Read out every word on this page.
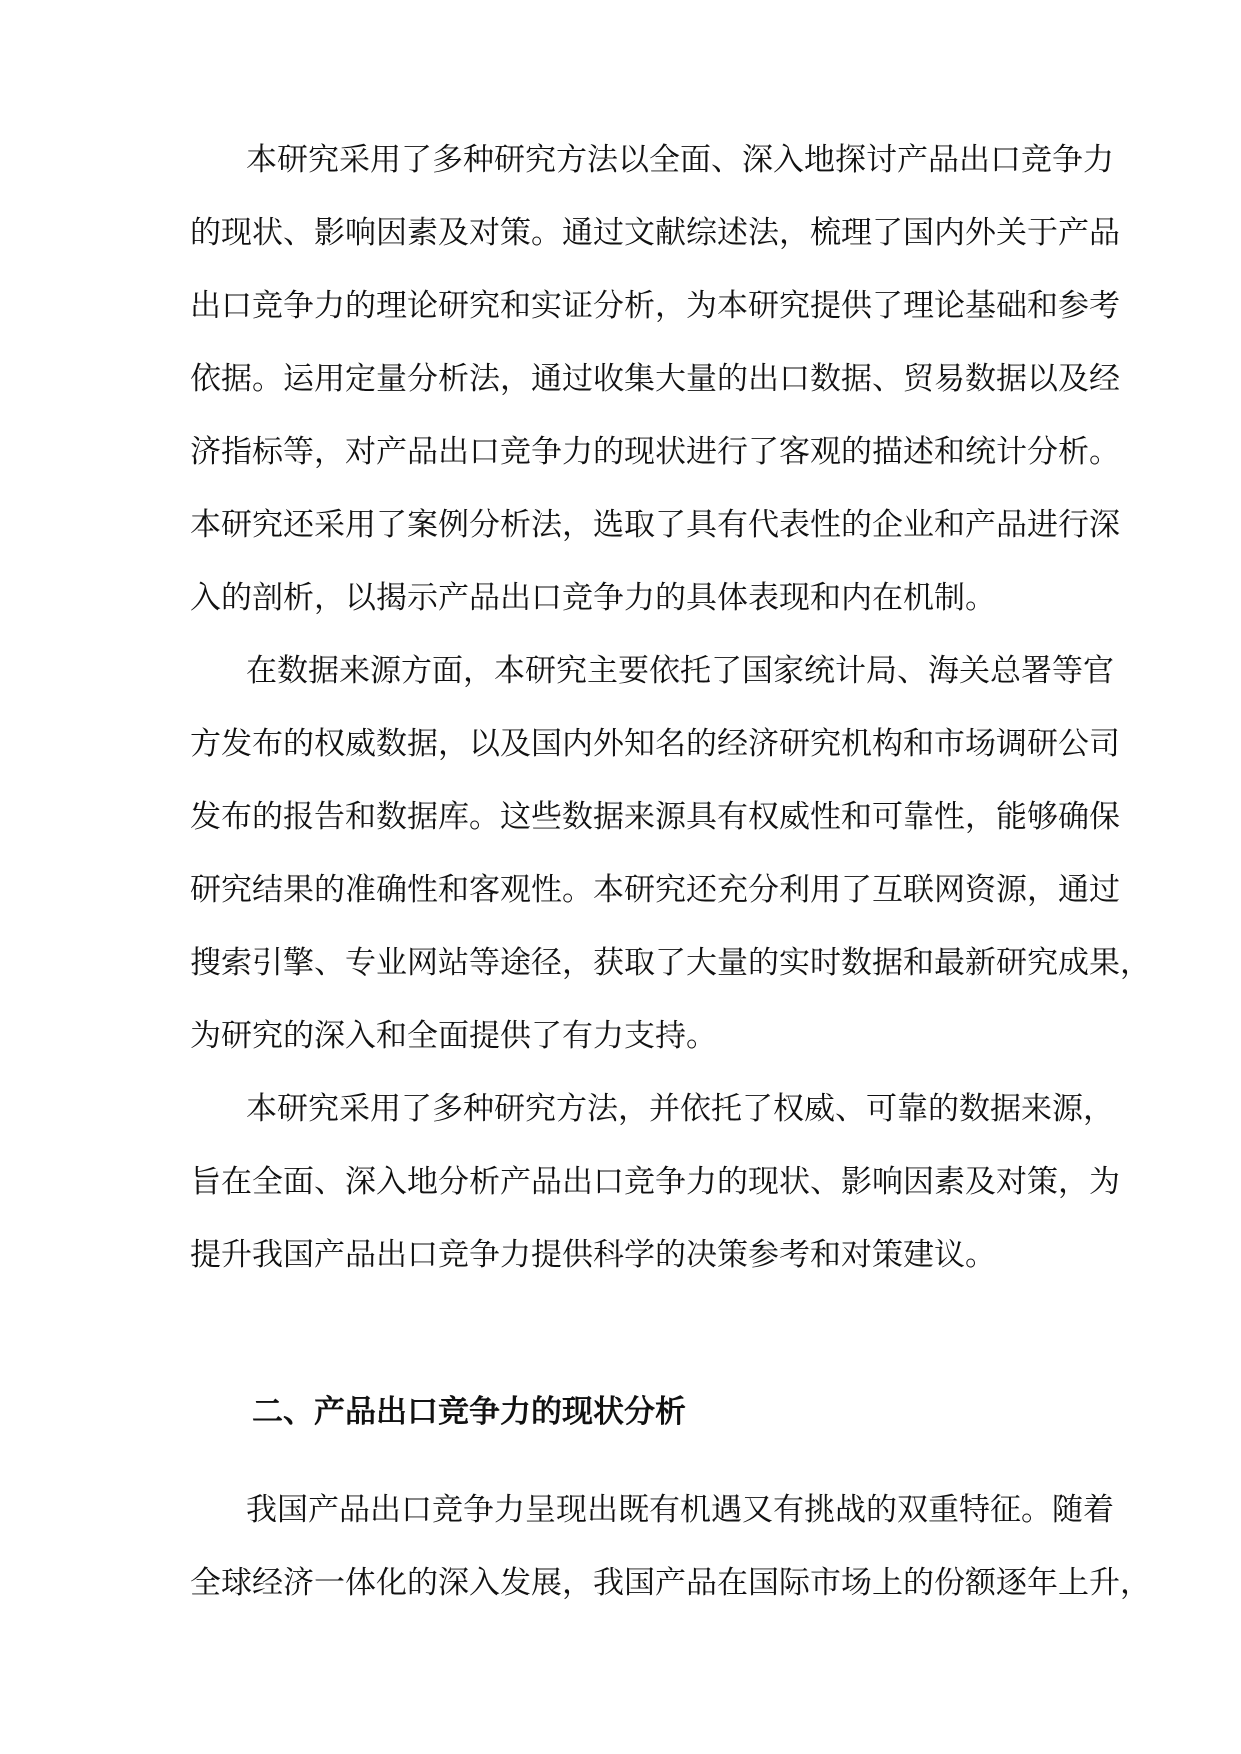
本研究采用了多种研究方法以全面、深入地探讨产品出口竞争力
的现状、影响因素及对策。通过文献综述法，梳理了国内外关于产品
出口竞争力的理论研究和实证分析，为本研究提供了理论基础和参考
依据。运用定量分析法，通过收集大量的出口数据、贸易数据以及经
济指标等，对产品出口竞争力的现状进行了客观的描述和统计分析。
本研究还采用了案例分析法，选取了具有代表性的企业和产品进行深
入的剖析，以揭示产品出口竞争力的具体表现和内在机制。
在数据来源方面，本研究主要依托了国家统计局、海关总署等官
方发布的权威数据，以及国内外知名的经济研究机构和市场调研公司
发布的报告和数据库。这些数据来源具有权威性和可靠性，能够确保
研究结果的准确性和客观性。本研究还充分利用了互联网资源，通过
搜索引擎、专业网站等途径，获取了大量的实时数据和最新研究成果，
为研究的深入和全面提供了有力支持。
本研究采用了多种研究方法，并依托了权威、可靠的数据来源，
旨在全面、深入地分析产品出口竞争力的现状、影响因素及对策，为
提升我国产品出口竞争力提供科学的决策参考和对策建议。
二、产品出口竞争力的现状分析
我国产品出口竞争力呈现出既有机遇又有挑战的双重特征。随着
全球经济一体化的深入发展，我国产品在国际市场上的份额逐年上升，
